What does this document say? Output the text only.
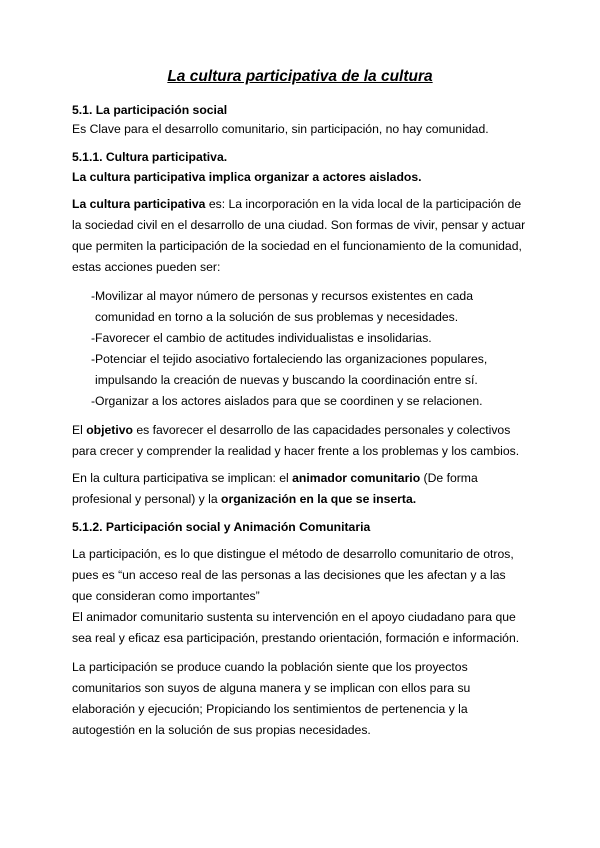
La cultura participativa de la cultura
5.1. La participación social
Es Clave para el desarrollo comunitario, sin participación, no hay comunidad.
5.1.1. Cultura participativa.
La cultura participativa implica organizar a actores aislados.
La cultura participativa es: La incorporación en la vida local de la participación de la sociedad civil en el desarrollo de una ciudad. Son formas de vivir, pensar y actuar que permiten la participación de la sociedad en el funcionamiento de la comunidad, estas acciones pueden ser:
- Movilizar al mayor número de personas y recursos existentes en cada comunidad en torno a la solución de sus problemas y necesidades.
- Favorecer el cambio de actitudes individualistas e insolidarias.
- Potenciar el tejido asociativo fortaleciendo las organizaciones populares, impulsando la creación de nuevas y buscando la coordinación entre sí.
- Organizar a los actores aislados para que se coordinen y se relacionen.
El objetivo es favorecer el desarrollo de las capacidades personales y colectivos para crecer y comprender la realidad y hacer frente a los problemas y los cambios.
En la cultura participativa se implican: el animador comunitario (De forma profesional y personal) y la organización en la que se inserta.
5.1.2. Participación social y Animación Comunitaria
La participación, es lo que distingue el método de desarrollo comunitario de otros, pues es “un acceso real de las personas a las decisiones que les afectan y a las que consideran como importantes”
El animador comunitario sustenta su intervención en el apoyo ciudadano para que sea real y eficaz esa participación, prestando orientación, formación e información.
La participación se produce cuando la población siente que los proyectos comunitarios son suyos de alguna manera y se implican con ellos para su elaboración y ejecución; Propiciando los sentimientos de pertenencia y la autogestión en la solución de sus propias necesidades.
